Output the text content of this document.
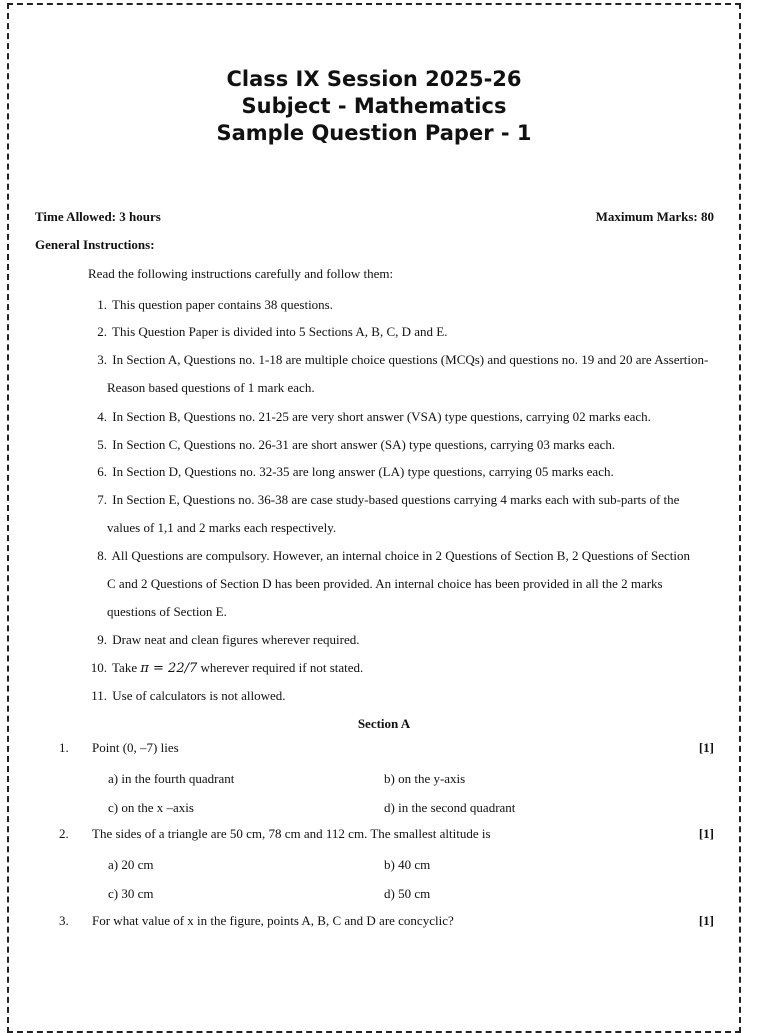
Class IX Session 2025-26
Subject - Mathematics
Sample Question Paper - 1
Time Allowed: 3 hours	Maximum Marks: 80
General Instructions:
Read the following instructions carefully and follow them:
1. This question paper contains 38 questions.
2. This Question Paper is divided into 5 Sections A, B, C, D and E.
3. In Section A, Questions no. 1-18 are multiple choice questions (MCQs) and questions no. 19 and 20 are Assertion-
Reason based questions of 1 mark each.
4. In Section B, Questions no. 21-25 are very short answer (VSA) type questions, carrying 02 marks each.
5. In Section C, Questions no. 26-31 are short answer (SA) type questions, carrying 03 marks each.
6. In Section D, Questions no. 32-35 are long answer (LA) type questions, carrying 05 marks each.
7. In Section E, Questions no. 36-38 are case study-based questions carrying 4 marks each with sub-parts of the
values of 1,1 and 2 marks each respectively.
8. All Questions are compulsory. However, an internal choice in 2 Questions of Section B, 2 Questions of Section
C and 2 Questions of Section D has been provided. An internal choice has been provided in all the 2 marks
questions of Section E.
9. Draw neat and clean figures wherever required.
10. Take π = 22/7 wherever required if not stated.
11. Use of calculators is not allowed.
Section A
1. Point (0, –7) lies	[1]
a) in the fourth quadrant	b) on the y-axis
c) on the x –axis	d) in the second quadrant
2. The sides of a triangle are 50 cm, 78 cm and 112 cm. The smallest altitude is	[1]
a) 20 cm	b) 40 cm
c) 30 cm	d) 50 cm
3. For what value of x in the figure, points A, B, C and D are concyclic?	[1]
